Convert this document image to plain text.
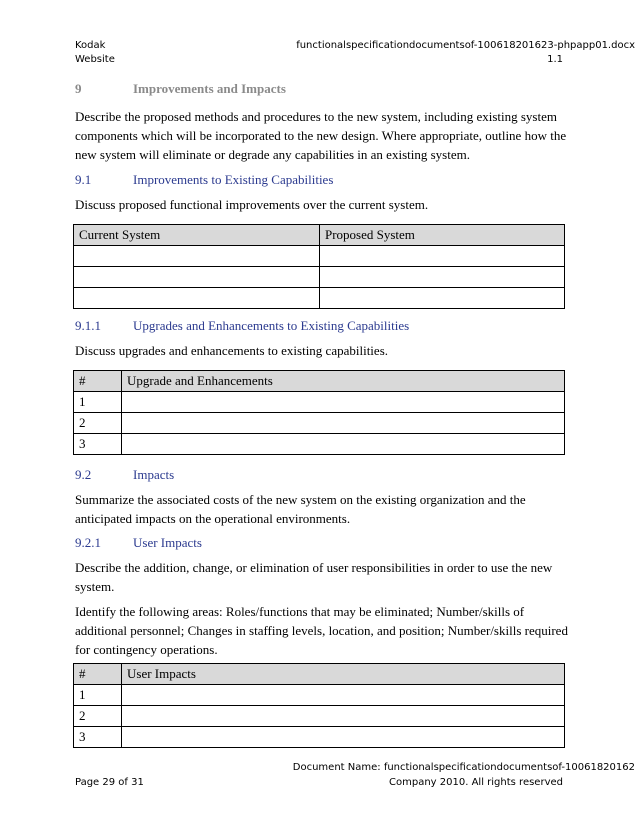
Kodak
Website
functionalspecificationdocumentsof-100618201623-phpapp01.docx
1.1
9	Improvements and Impacts
Describe the proposed methods and procedures to the new system, including existing system components which will be incorporated to the new design. Where appropriate, outline how the new system will eliminate or degrade any capabilities in an existing system.
9.1	Improvements to Existing Capabilities
Discuss proposed functional improvements over the current system.
Current System	Proposed System

9.1.1 Upgrades and Enhancements to Existing Capabilities
Discuss upgrades and enhancements to existing capabilities.
#	Upgrade and Enhancements
1	
2	
3	
9.2	Impacts
Summarize the associated costs of the new system on the existing organization and the anticipated impacts on the operational environments.
9.2.1 User Impacts
Describe the addition, change, or elimination of user responsibilities in order to use the new system.
Identify the following areas: Roles/functions that may be eliminated; Number/skills of additional personnel; Changes in staffing levels, location, and position; Number/skills required for contingency operations.
#	User Impacts
1	
2	
3	
Document Name: functionalspecificationdocumentsof-10061820162
Company 2010. All rights reserved
Page 29 of 31
